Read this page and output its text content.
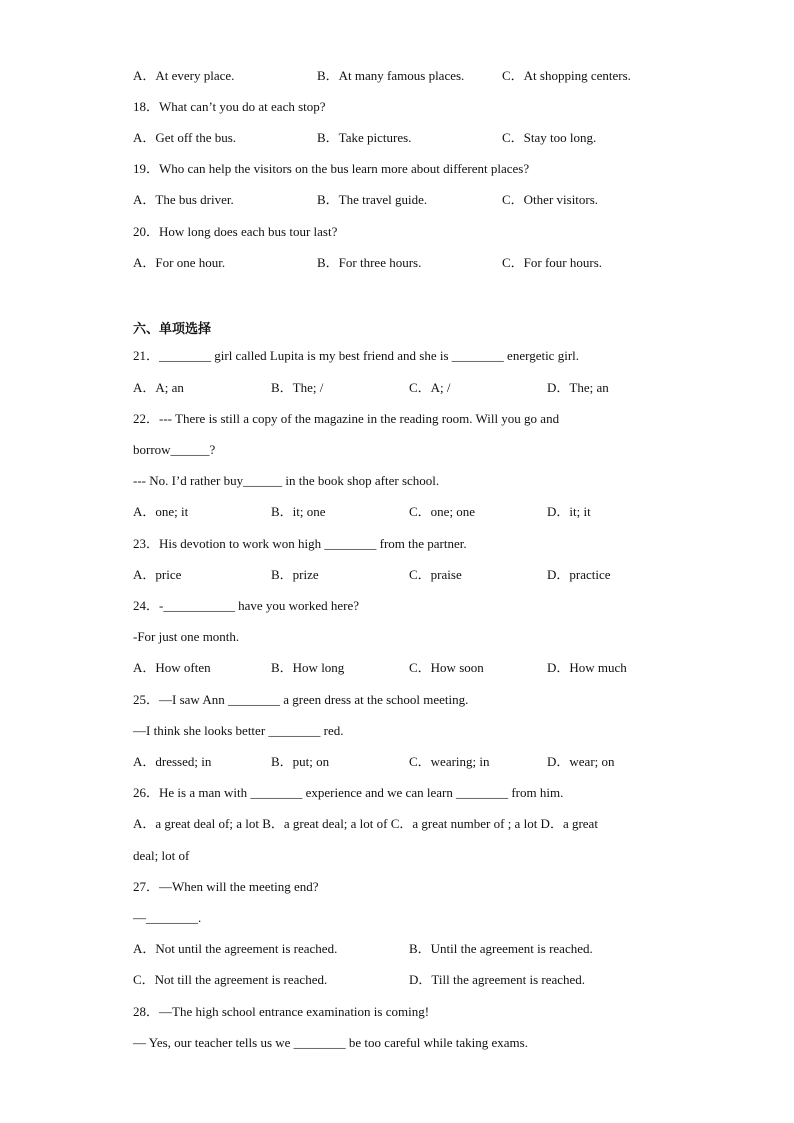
A．At every place.	B．At many famous places.	C．At shopping centers.
18．What can’t you do at each stop?
A．Get off the bus.	B．Take pictures.	C．Stay too long.
19．Who can help the visitors on the bus learn more about different places?
A．The bus driver.	B．The travel guide.	C．Other visitors.
20．How long does each bus tour last?
A．For one hour.	B．For three hours.	C．For four hours.
六、单项选择
21．________ girl called Lupita is my best friend and she is ________ energetic girl.
A．A; an	B．The; /	C．A; /	D．The; an
22．--- There is still a copy of the magazine in the reading room. Will you go and
borrow______?
--- No. I’d rather buy______ in the book shop after school.
A．one; it	B．it; one	C．one; one	D．it; it
23．His devotion to work won high ________ from the partner.
A．price	B．prize	C．praise	D．practice
24．-___________ have you worked here?
-For just one month.
A．How often	B．How long	C．How soon	D．How much
25．—I saw Ann ________ a green dress at the school meeting.
—I think she looks better ________ red.
A．dressed; in	B．put; on	C．wearing; in	D．wear; on
26．He is a man with ________ experience and we can learn ________ from him.
A．a great deal of; a lot B．a great deal; a lot of C．a great number of ; a lot D．a great
deal; lot of
27．—When will the meeting end?
—________.
A．Not until the agreement is reached.	B．Until the agreement is reached.
C．Not till the agreement is reached.	D．Till the agreement is reached.
28．—The high school entrance examination is coming!
— Yes, our teacher tells us we ________ be too careful while taking exams.
